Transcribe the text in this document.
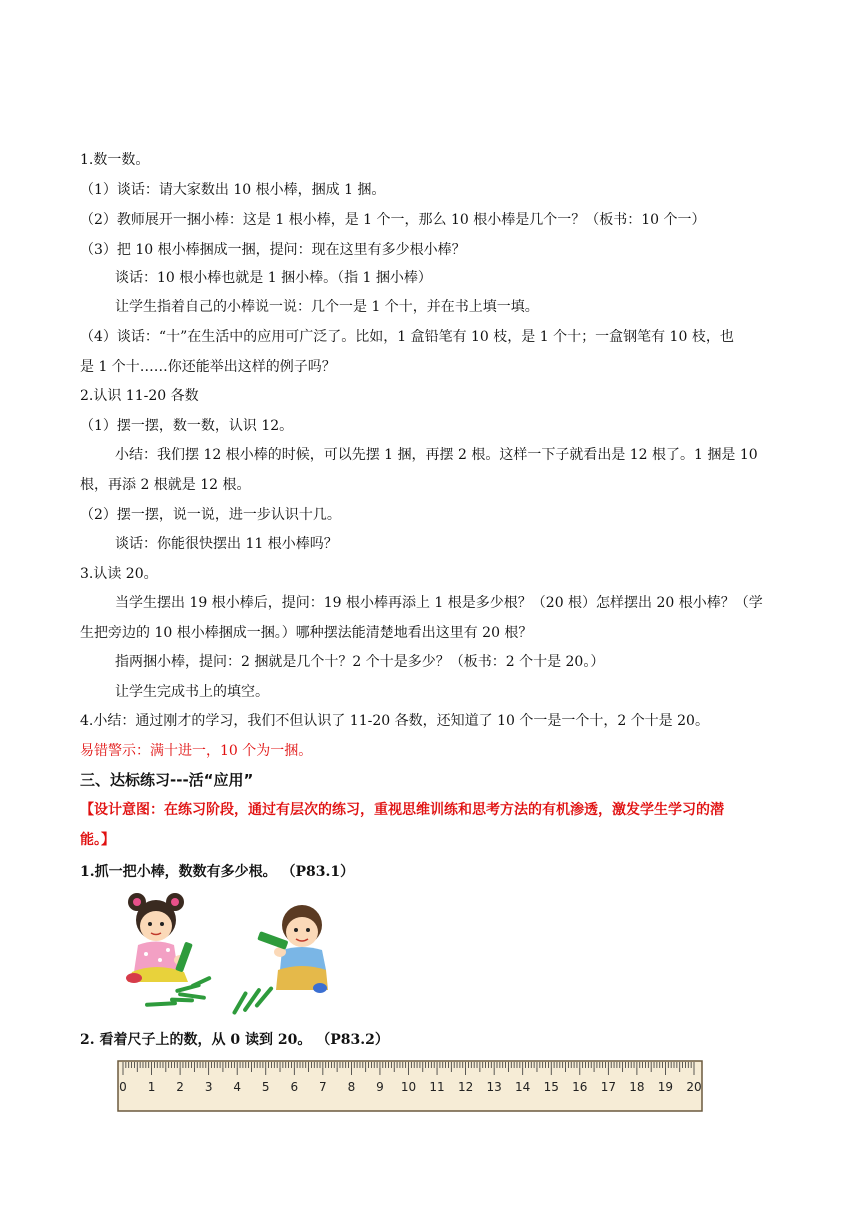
1.数一数。
（1）谈话：请大家数出 10 根小棒，捆成 1 捆。
（2）教师展开一捆小棒：这是 1 根小棒，是 1 个一，那么 10 根小棒是几个一？（板书：10 个一）
（3）把 10 根小棒捆成一捆，提问：现在这里有多少根小棒？
谈话：10 根小棒也就是 1 捆小棒。（指 1 捆小棒）
让学生指着自己的小棒说一说：几个一是 1 个十，并在书上填一填。
（4）谈话：“十”在生活中的应用可广泛了。比如，1 盒铅笔有 10 枝，是 1 个十；一盒钢笔有 10 枝，也
是 1 个十……你还能举出这样的例子吗？
2.认识 11-20 各数
（1）摆一摆，数一数，认识 12。
小结：我们摆 12 根小棒的时候，可以先摆 1 捆，再摆 2 根。这样一下子就看出是 12 根了。1 捆是 10
根，再添 2 根就是 12 根。
（2）摆一摆，说一说，进一步认识十几。
谈话：你能很快摆出 11 根小棒吗？
3.认读 20。
当学生摆出 19 根小棒后，提问：19 根小棒再添上 1 根是多少根？（20 根）怎样摆出 20 根小棒？（学
生把旁边的 10 根小棒捆成一捆。）哪种摆法能清楚地看出这里有 20 根？
指两捆小棒，提问：2 捆就是几个十？2 个十是多少？（板书：2 个十是 20。）
让学生完成书上的填空。
4.小结：通过刚才的学习，我们不但认识了 11-20 各数，还知道了 10 个一是一个十，2 个十是 20。
易错警示：满十进一，10 个为一捆。
三、达标练习---活“应用”
【设计意图：在练习阶段，通过有层次的练习，重视思维训练和思考方法的有机渗透，激发学生学习的潜
能。】
1.抓一把小棒，数数有多少根。 （P83.1）
2. 看着尺子上的数，从 0 读到 20。 （P83.2）
0 1 2 3 4 5 6 7 8 9 10 11 12 13 14 15 16 17 18 19 20
